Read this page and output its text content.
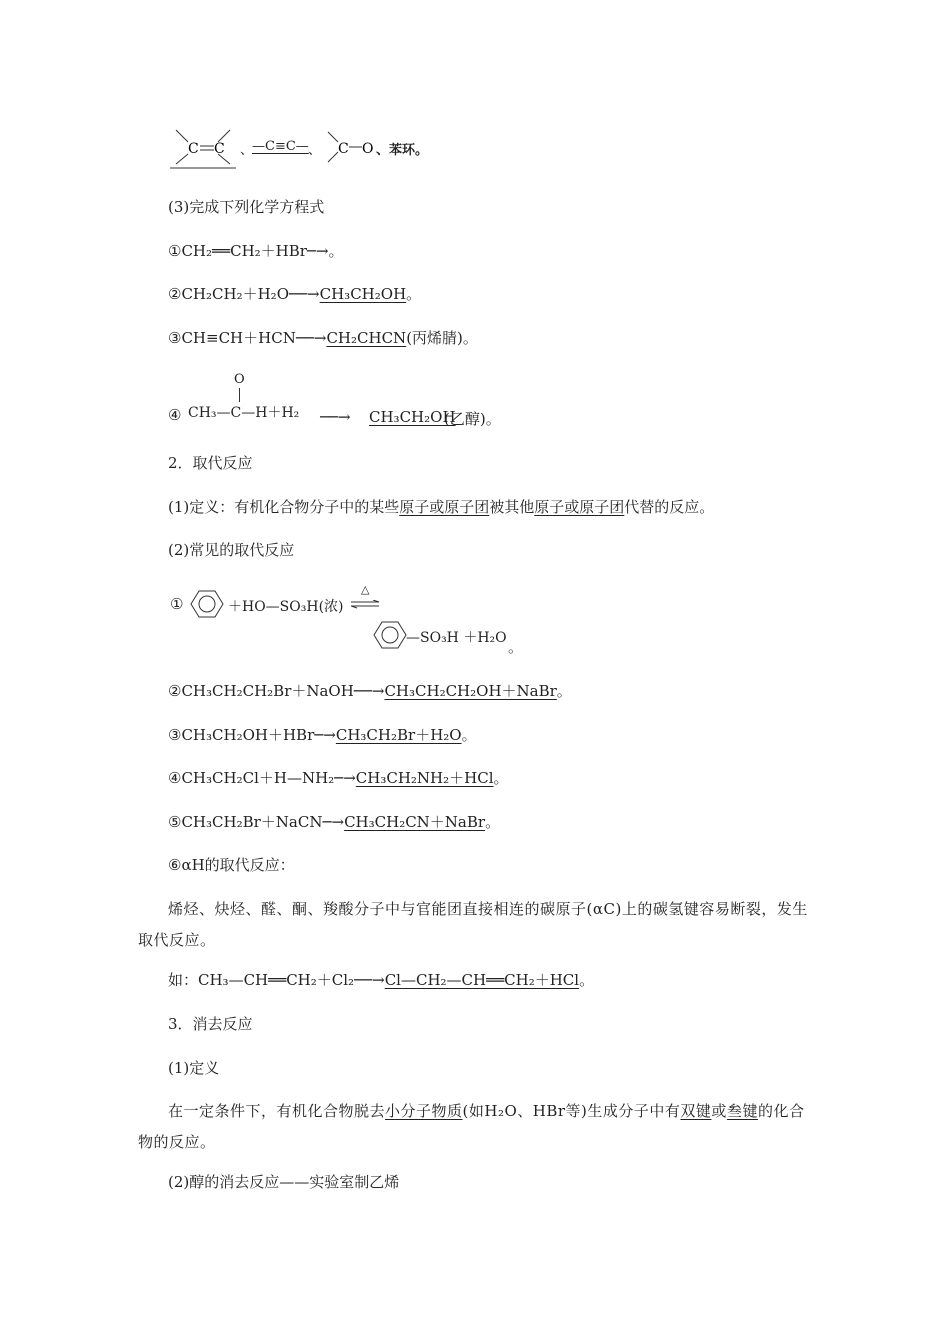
C C 、
—C≡C— 、 C O 、苯环。
(3)完成下列化学方程式
①CH₂══CH₂＋HBr─→。
②CH₂CH₂＋H₂O──→CH₃CH₂OH。
③CH≡CH＋HCN──→CH₂CHCN(丙烯腈)。
④
O
CH₃—C—H＋H₂ ──→ CH₃CH₂OH
(乙醇)。
2．取代反应
(1)定义：有机化合物分子中的某些原子或原子团被其他原子或原子团代替的反应。
(2)常见的取代反应
①	＋HO—SO₃H(浓)
△
—SO₃H ＋H₂O 。
②CH₃CH₂CH₂Br＋NaOH──→CH₃CH₂CH₂OH＋NaBr。
③CH₃CH₂OH＋HBr─→CH₃CH₂Br＋H₂O。
④CH₃CH₂Cl＋H—NH₂─→CH₃CH₂NH₂＋HCl。
⑤CH₃CH₂Br＋NaCN─→CH₃CH₂CN＋NaBr。
⑥αH的取代反应：
烯烃、炔烃、醛、酮、羧酸分子中与官能团直接相连的碳原子(αC)上的碳氢键容易断裂，发生取代反应。
如：CH₃—CH══CH₂＋Cl₂──→Cl—CH₂—CH══CH₂＋HCl。
3．消去反应
(1)定义
在一定条件下，有机化合物脱去小分子物质(如H₂O、HBr等)生成分子中有双键或叁键的化合物的反应。
(2)醇的消去反应——实验室制乙烯
